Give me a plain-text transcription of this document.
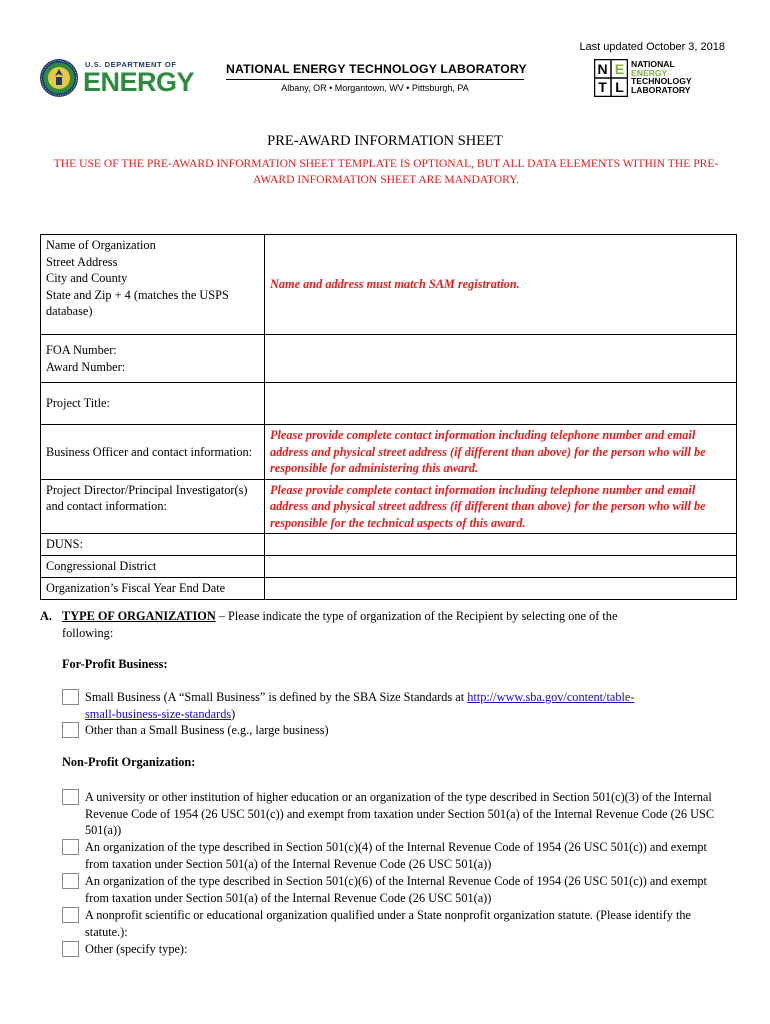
Last updated October 3, 2018
U.S. DEPARTMENT OF
ENERGY	NATIONAL ENERGY TECHNOLOGY LABORATORY
Albany, OR • Morgantown, WV • Pittsburgh, PA
N E
T L
NATIONAL
ENERGY
TECHNOLOGY
LABORATORY
PRE-AWARD INFORMATION SHEET
THE USE OF THE PRE-AWARD INFORMATION SHEET TEMPLATE IS OPTIONAL, BUT ALL DATA ELEMENTS WITHIN THE PRE-AWARD INFORMATION SHEET ARE MANDATORY.
Name of Organization
Street Address
City and County
State and Zip + 4 (matches the USPS database)	Name and address must match SAM registration.

FOA Number:
Award Number:	

Project Title:	
Business Officer and contact information:	Please provide complete contact information including telephone number and email address and physical street address (if different than above) for the person who will be responsible for administering this award.
Project Director/Principal Investigator(s) and contact information:	Please provide complete contact information including telephone number and email address and physical street address (if different than above) for the person who will be responsible for the technical aspects of this award.
DUNS:	
Congressional District	
Organization’s Fiscal Year End Date	
A. TYPE OF ORGANIZATION – Please indicate the type of organization of the Recipient by selecting one of the
following:
For-Profit Business:
Small Business (A “Small Business” is defined by the SBA Size Standards at http://www.sba.gov/content/table-
small-business-size-standards)
Other than a Small Business (e.g., large business)
Non-Profit Organization:
A university or other institution of higher education or an organization of the type described in Section 501(c)(3) of the Internal Revenue Code of 1954 (26 USC 501(c)) and exempt from taxation under Section 501(a) of the Internal Revenue Code (26 USC 501(a))
An organization of the type described in Section 501(c)(4) of the Internal Revenue Code of 1954 (26 USC 501(c)) and exempt from taxation under Section 501(a) of the Internal Revenue Code (26 USC 501(a))
An organization of the type described in Section 501(c)(6) of the Internal Revenue Code of 1954 (26 USC 501(c)) and exempt from taxation under Section 501(a) of the Internal Revenue Code (26 USC 501(a))
A nonprofit scientific or educational organization qualified under a State nonprofit organization statute. (Please identify the statute.):
Other (specify type):
